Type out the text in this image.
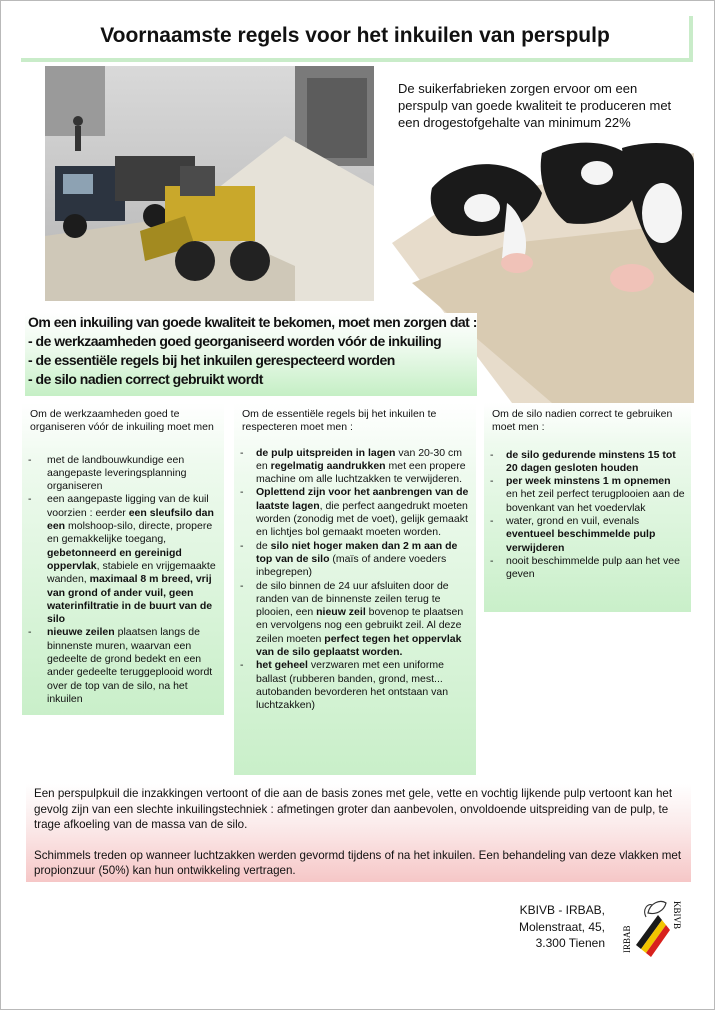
Voornaamste regels voor het inkuilen van perspulp
De suikerfabrieken zorgen ervoor om een perspulp van goede kwaliteit te produceren met een drogestofgehalte van minimum 22%
Om een inkuiling van goede kwaliteit te bekomen, moet men zorgen dat :
- de werkzaamheden goed georganiseerd worden vóór de inkuiling
- de essentiële regels bij het inkuilen gerespecteerd worden
- de silo nadien correct gebruikt wordt
Om de werkzaamheden goed te organiseren vóór de inkuiling moet men
- met de landbouwkundige een aangepaste leveringsplanning organiseren
- een aangepaste ligging van de kuil voorzien : eerder een sleufsilo dan een molshoop-silo, directe, propere en gemakkelijke toegang, gebetonneerd en gereinigd oppervlak, stabiele en vrijgemaakte wanden, maximaal 8 m breed, vrij van grond of ander vuil, geen waterinfiltratie in de buurt van de silo
- nieuwe zeilen plaatsen langs de binnenste muren, waarvan een gedeelte de grond bedekt en een ander gedeelte teruggeplooid wordt over de top van de silo, na het inkuilen
Om de essentiële regels bij het inkuilen te respecteren moet men :
- de pulp uitspreiden in lagen van 20-30 cm en regelmatig aandrukken met een propere machine om alle luchtzakken te verwijderen.
- Oplettend zijn voor het aanbrengen van de laatste lagen, die perfect aangedrukt moeten worden (zonodig met de voet), gelijk gemaakt en lichtjes bol gemaakt moeten worden.
- de silo niet hoger maken dan 2 m aan de top van de silo (maïs of andere voeders inbegrepen)
- de silo binnen de 24 uur afsluiten door de randen van de binnenste zeilen terug te plooien, een nieuw zeil bovenop te plaatsen en vervolgens nog een gebruikt zeil. Al deze zeilen moeten perfect tegen het oppervlak van de silo geplaatst worden.
- het geheel verzwaren met een uniforme ballast (rubberen banden, grond, mest... autobanden bevorderen het ontstaan van luchtzakken)
Om de silo nadien correct te gebruiken moet men :
- de silo gedurende minstens 15 tot 20 dagen gesloten houden
- per week minstens 1 m opnemen en het zeil perfect terugplooien aan de bovenkant van het voedervlak
- water, grond en vuil, evenals eventueel beschimmelde pulp verwijderen
- nooit beschimmelde pulp aan het vee geven

Een perspulpkuil die inzakkingen vertoont of die aan de basis zones met gele, vette en vochtig lijkende pulp vertoont kan het gevolg zijn van een slechte inkuilingstechniek : afmetingen groter dan aanbevolen, onvoldoende uitspreiding van de pulp, te trage afkoeling van de massa van de silo.

Schimmels treden op wanneer luchtzakken werden gevormd tijdens of na het inkuilen. Een behandeling van deze vlakken met propionzuur (50%) kan hun ontwikkeling vertragen.

KBIVB - IRBAB,
Molenstraat, 45,
3.300 Tienen IRBAB
KBIVB
